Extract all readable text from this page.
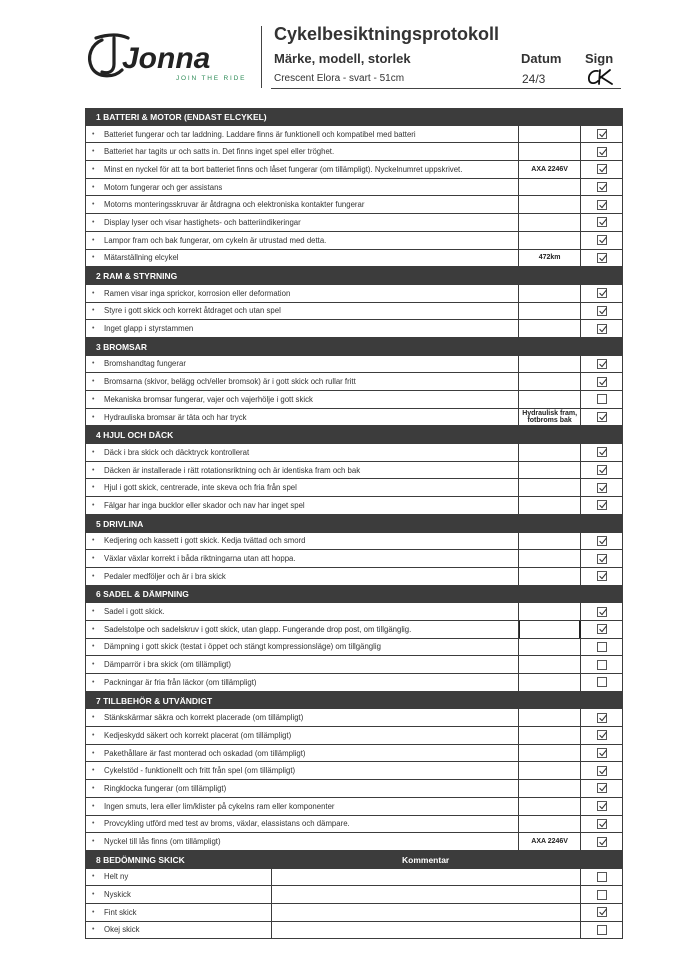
Jonna
JOIN THE RIDE
Cykelbesiktningsprotokoll
Märke, modell, storlek
Crescent Elora - svart - 51cm
Datum Sign
24/3
1 BATTERI & MOTOR (ENDAST ELCYKEL)
•	Batteriet fungerar och tar laddning. Laddare finns är funktionell och kompatibel med batteri
•	Batteriet har tagits ur och satts in. Det finns inget spel eller tröghet.
•	Minst en nyckel för att ta bort batteriet finns och låset fungerar (om tillämpligt). Nyckelnumret uppskrivet.	AXA 2246V
•	Motorn fungerar och ger assistans
•	Motorns monteringsskruvar är åtdragna och elektroniska kontakter fungerar
•	Display lyser och visar hastighets- och batteriindikeringar
•	Lampor fram och bak fungerar, om cykeln är utrustad med detta.
•	Mätarställning elcykel	472km
2 RAM & STYRNING
•	Ramen visar inga sprickor, korrosion eller deformation
•	Styre i gott skick och korrekt åtdraget och utan spel
•	Inget glapp i styrstammen
3 BROMSAR
•	Bromshandtag fungerar
•	Bromsarna (skivor, belägg och/eller bromsok) är i gott skick och rullar fritt
•	Mekaniska bromsar fungerar, vajer och vajerhölje i gott skick
•	Hydrauliska bromsar är täta och har tryck	Hydraulisk fram, fotbroms bak
4 HJUL OCH DÄCK
•	Däck i bra skick och däcktryck kontrollerat
•	Däcken är installerade i rätt rotationsriktning och är identiska fram och bak
•	Hjul i gott skick, centrerade, inte skeva och fria från spel
•	Fälgar har inga bucklor eller skador och nav har inget spel
5 DRIVLINA
•	Kedjering och kassett i gott skick. Kedja tvättad och smord
•	Växlar växlar korrekt i båda riktningarna utan att hoppa.
•	Pedaler medföljer och är i bra skick
6 SADEL & DÄMPNING
•	Sadel i gott skick.
•	Sadelstolpe och sadelskruv i gott skick, utan glapp. Fungerande drop post, om tillgänglig.
•	Dämpning i gott skick (testat i öppet och stängt kompressionsläge) om tillgänglig
•	Dämparrör i bra skick (om tillämpligt)
•	Packningar är fria från läckor (om tillämpligt)
7 TILLBEHÖR & UTVÄNDIGT
•	Stänkskärmar säkra och korrekt placerade (om tillämpligt)
•	Kedjeskydd säkert och korrekt placerat (om tillämpligt)
•	Pakethållare är fast monterad och oskadad (om tillämpligt)
•	Cykelstöd - funktionellt och fritt från spel (om tillämpligt)
•	Ringklocka fungerar (om tillämpligt)
•	Ingen smuts, lera eller lim/klister på cykelns ram eller komponenter
•	Provcykling utförd med test av broms, växlar, elassistans och dämpare.
•	Nyckel till lås finns (om tillämpligt)	AXA 2246V
8 BEDÖMNING SKICK	Kommentar
•	Helt ny
•	Nyskick
•	Fint skick
•	Okej skick
